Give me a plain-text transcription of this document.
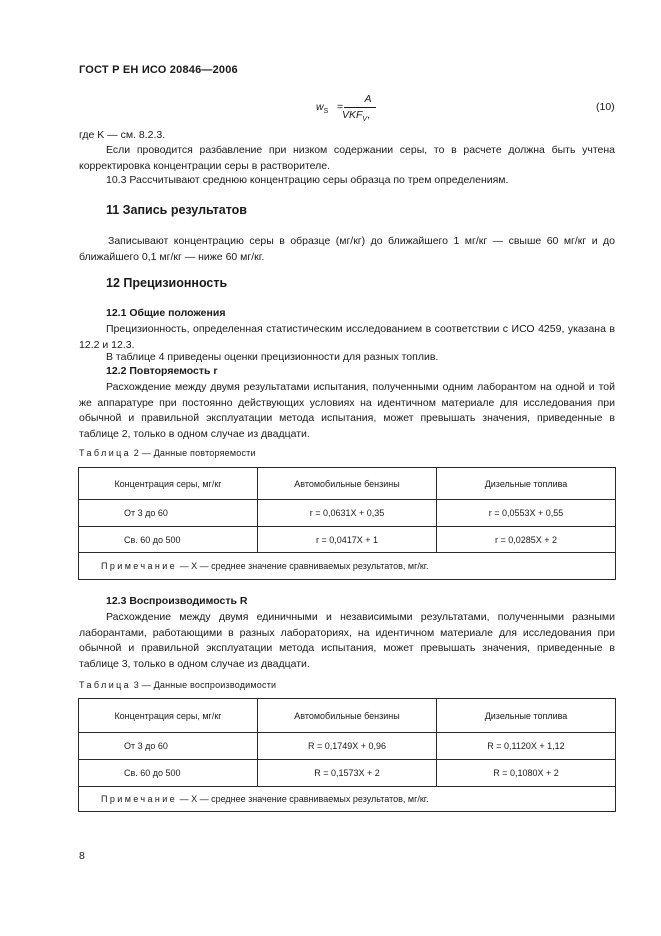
ГОСТ Р ЕН ИСО 20846—2006
$w_S$ =
A
$VKF_V$,
(10)
где K — см. 8.2.3.
Если проводится разбавление при низком содержании серы, то в расчете должна быть учтена корректировка концентрации серы в растворителе.
10.3 Рассчитывают среднюю концентрацию серы образца по трем определениям.
11 Запись результатов
Записывают концентрацию серы в образце (мг/кг) до ближайшего 1 мг/кг — свыше 60 мг/кг и до ближайшего 0,1 мг/кг — ниже 60 мг/кг.
12 Прецизионность
12.1 Общие положения
Прецизионность, определенная статистическим исследованием в соответствии с ИСО 4259, указана в 12.2 и 12.3.
В таблице 4 приведены оценки прецизионности для разных топлив.
12.2 Повторяемость r
Расхождение между двумя результатами испытания, полученными одним лаборантом на одной и той же аппаратуре при постоянно действующих условиях на идентичном материале для исследования при обычной и правильной эксплуатации метода испытания, может превышать значения, приведенные в таблице 2, только в одном случае из двадцати.
Таблица 2 — Данные повторяемости
Концентрация серы, мг/кг	Автомобильные бензины	Дизельные топлива
От 3 до 60	r = 0,0631X + 0,35	r = 0,0553X + 0,55
Св. 60 до 500	r = 0,0417X + 1	r = 0,0285X + 2
Примечание — X — среднее значение сравниваемых результатов, мг/кг.		
12.3 Воспроизводимость R
Расхождение между двумя единичными и независимыми результатами, полученными разными лаборантами, работающими в разных лабораториях, на идентичном материале для исследования при обычной и правильной эксплуатации метода испытания, может превышать значения, приведенные в таблице 3, только в одном случае из двадцати.
Таблица 3 — Данные воспроизводимости
Концентрация серы, мг/кг	Автомобильные бензины	Дизельные топлива
От 3 до 60	R = 0,1749X + 0,96	R = 0,1120X + 1,12
Св. 60 до 500	R = 0,1573X + 2	R = 0,1080X + 2
Примечание — X — среднее значение сравниваемых результатов, мг/кг.		
8
